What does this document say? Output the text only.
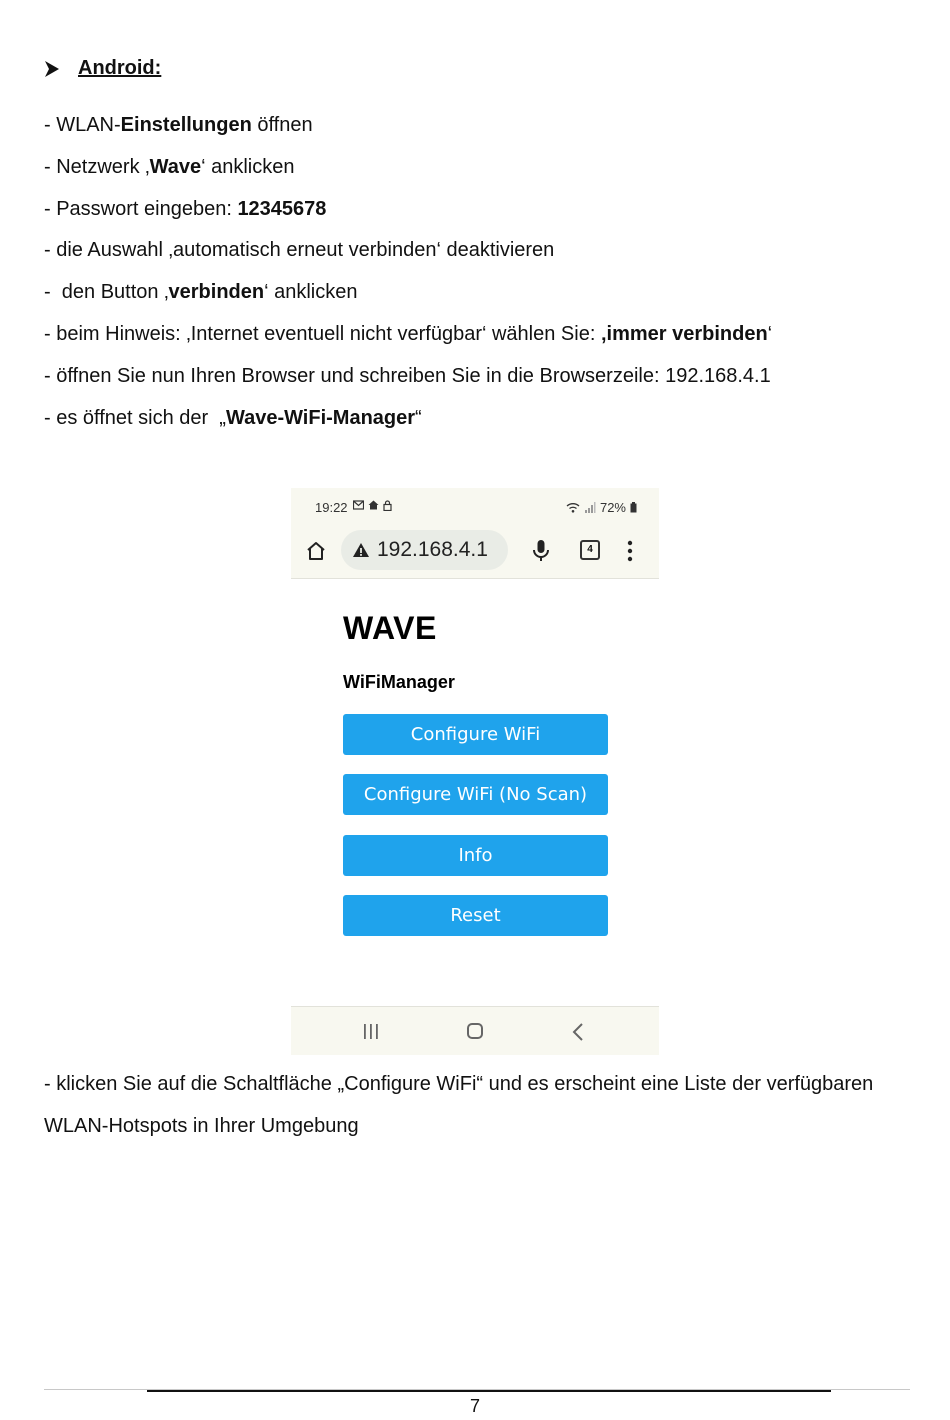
Android:
- WLAN-Einstellungen öffnen
- Netzwerk ‚Wave‘ anklicken
- Passwort eingeben: 12345678
- die Auswahl ‚automatisch erneut verbinden‘ deaktivieren
-  den Button ‚verbinden‘ anklicken
- beim Hinweis: ‚Internet eventuell nicht verfügbar‘ wählen Sie: ‚immer verbinden‘
- öffnen Sie nun Ihren Browser und schreiben Sie in die Browserzeile: 192.168.4.1
- es öffnet sich der  „Wave-WiFi-Manager“
19:22	72%
192.168.4.1	4
WAVE
WiFiManager
Configure WiFi
Configure WiFi (No Scan)
Info
Reset

- klicken Sie auf die Schaltfläche „Configure WiFi“ und es erscheint eine Liste der verfügbaren WLAN-Hotspots in Ihrer Umgebung

7
